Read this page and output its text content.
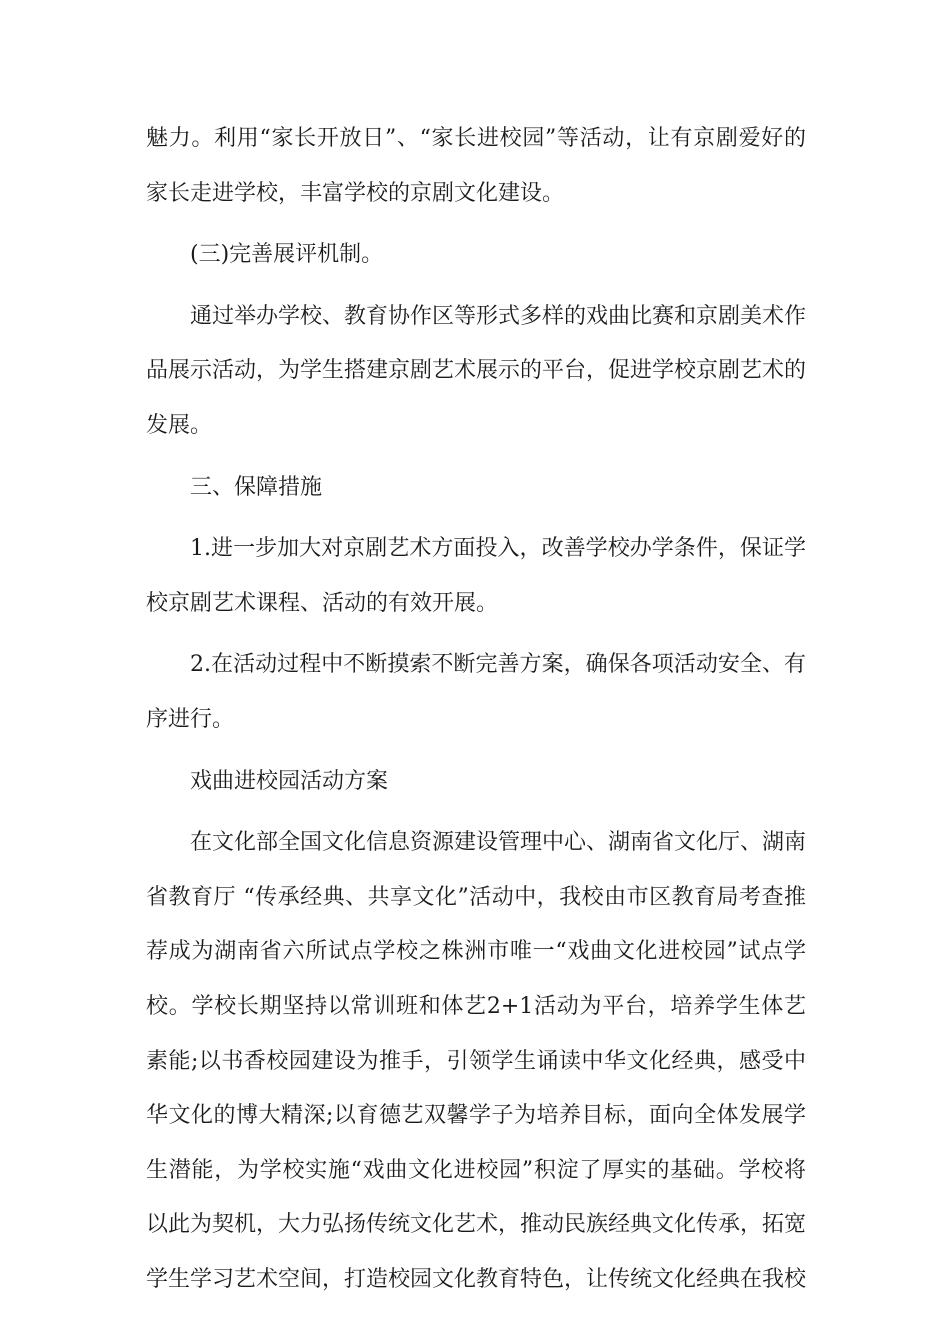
魅力。利用“家长开放日”、“家长进校园”等活动，让有京剧爱好的家长走进学校，丰富学校的京剧文化建设。

(三)完善展评机制。

通过举办学校、教育协作区等形式多样的戏曲比赛和京剧美术作品展示活动，为学生搭建京剧艺术展示的平台，促进学校京剧艺术的发展。

三、保障措施

1.进一步加大对京剧艺术方面投入，改善学校办学条件，保证学校京剧艺术课程、活动的有效开展。

2.在活动过程中不断摸索不断完善方案，确保各项活动安全、有序进行。

戏曲进校园活动方案

在文化部全国文化信息资源建设管理中心、湖南省文化厅、湖南省教育厅 “传承经典、共享文化”活动中，我校由市区教育局考查推荐成为湖南省六所试点学校之株洲市唯一“戏曲文化进校园”试点学校。学校长期坚持以常训班和体艺2+1活动为平台，培养学生体艺素能;以书香校园建设为推手，引领学生诵读中华文化经典，感受中华文化的博大精深;以育德艺双馨学子为培养目标，面向全体发展学生潜能，为学校实施“戏曲文化进校园”积淀了厚实的基础。学校将以此为契机，大力弘扬传统文化艺术，推动民族经典文化传承，拓宽学生学习艺术空间，打造校园文化教育特色，让传统文化经典在我校
